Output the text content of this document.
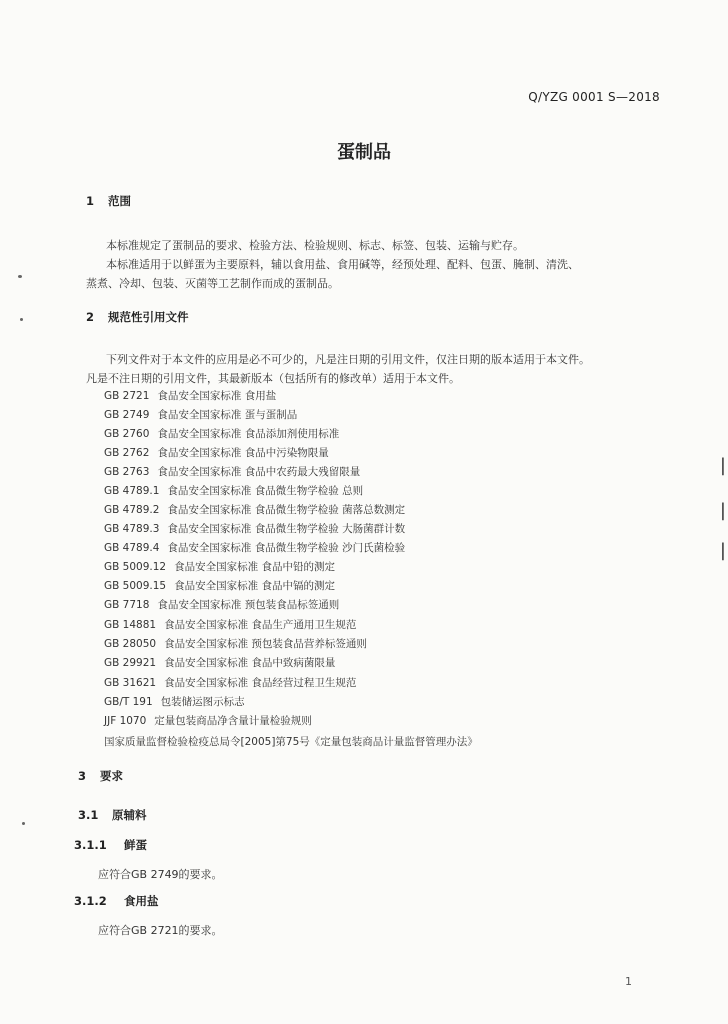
Q/YZG 0001 S—2018
蛋制品
1 范围
本标准规定了蛋制品的要求、检验方法、检验规则、标志、标签、包装、运输与贮存。
本标准适用于以鲜蛋为主要原料，辅以食用盐、食用碱等，经预处理、配料、包蛋、腌制、清洗、
蒸煮、冷却、包装、灭菌等工艺制作而成的蛋制品。
2 规范性引用文件
下列文件对于本文件的应用是必不可少的，凡是注日期的引用文件，仅注日期的版本适用于本文件。
凡是不注日期的引用文件，其最新版本（包括所有的修改单）适用于本文件。
GB 2721 食品安全国家标准 食用盐
GB 2749 食品安全国家标准 蛋与蛋制品
GB 2760 食品安全国家标准 食品添加剂使用标准
GB 2762 食品安全国家标准 食品中污染物限量
GB 2763 食品安全国家标准 食品中农药最大残留限量
GB 4789.1 食品安全国家标准 食品微生物学检验 总则
GB 4789.2 食品安全国家标准 食品微生物学检验 菌落总数测定
GB 4789.3 食品安全国家标准 食品微生物学检验 大肠菌群计数
GB 4789.4 食品安全国家标准 食品微生物学检验 沙门氏菌检验
GB 5009.12 食品安全国家标准 食品中铅的测定
GB 5009.15 食品安全国家标准 食品中镉的测定
GB 7718 食品安全国家标准 预包装食品标签通则
GB 14881 食品安全国家标准 食品生产通用卫生规范
GB 28050 食品安全国家标准 预包装食品营养标签通则
GB 29921 食品安全国家标准 食品中致病菌限量
GB 31621 食品安全国家标准 食品经营过程卫生规范
GB/T 191 包装储运图示标志
JJF 1070 定量包装商品净含量计量检验规则
国家质量监督检验检疫总局令[2005]第75号《定量包装商品计量监督管理办法》
3 要求
3.1 原辅料
3.1.1 鲜蛋
应符合GB 2749的要求。
3.1.2 食用盐
应符合GB 2721的要求。
1
|
|
|
